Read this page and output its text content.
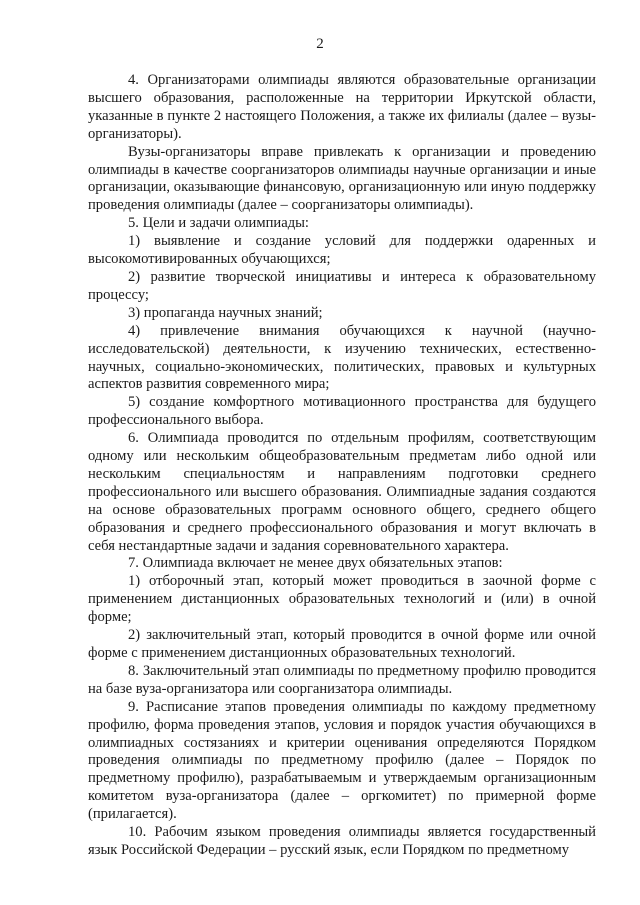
2

4. Организаторами олимпиады являются образовательные организации высшего образования, расположенные на территории Иркутской области, указанные в пункте 2 настоящего Положения, а также их филиалы (далее – вузы-организаторы).

Вузы-организаторы вправе привлекать к организации и проведению олимпиады в качестве соорганизаторов олимпиады научные организации и иные организации, оказывающие финансовую, организационную или иную поддержку проведения олимпиады (далее – соорганизаторы олимпиады).

5. Цели и задачи олимпиады:

1) выявление и создание условий для поддержки одаренных и высокомотивированных обучающихся;

2) развитие творческой инициативы и интереса к образовательному процессу;

3) пропаганда научных знаний;

4) привлечение внимания обучающихся к научной (научно-исследовательской) деятельности, к изучению технических, естественно-научных, социально-экономических, политических, правовых и культурных аспектов развития современного мира;

5) создание комфортного мотивационного пространства для будущего профессионального выбора.

6. Олимпиада проводится по отдельным профилям, соответствующим одному или нескольким общеобразовательным предметам либо одной или нескольким специальностям и направлениям подготовки среднего профессионального или высшего образования. Олимпиадные задания создаются на основе образовательных программ основного общего, среднего общего образования и среднего профессионального образования и могут включать в себя нестандартные задачи и задания соревновательного характера.

7. Олимпиада включает не менее двух обязательных этапов:

1) отборочный этап, который может проводиться в заочной форме с применением дистанционных образовательных технологий и (или) в очной форме;

2) заключительный этап, который проводится в очной форме или очной форме с применением дистанционных образовательных технологий.

8. Заключительный этап олимпиады по предметному профилю проводится на базе вуза-организатора или соорганизатора олимпиады.

9. Расписание этапов проведения олимпиады по каждому предметному профилю, форма проведения этапов, условия и порядок участия обучающихся в олимпиадных состязаниях и критерии оценивания определяются Порядком проведения олимпиады по предметному профилю (далее – Порядок по предметному профилю), разрабатываемым и утверждаемым организационным комитетом вуза-организатора (далее – оргкомитет) по примерной форме (прилагается).

10. Рабочим языком проведения олимпиады является государственный язык Российской Федерации – русский язык, если Порядком по предметному
